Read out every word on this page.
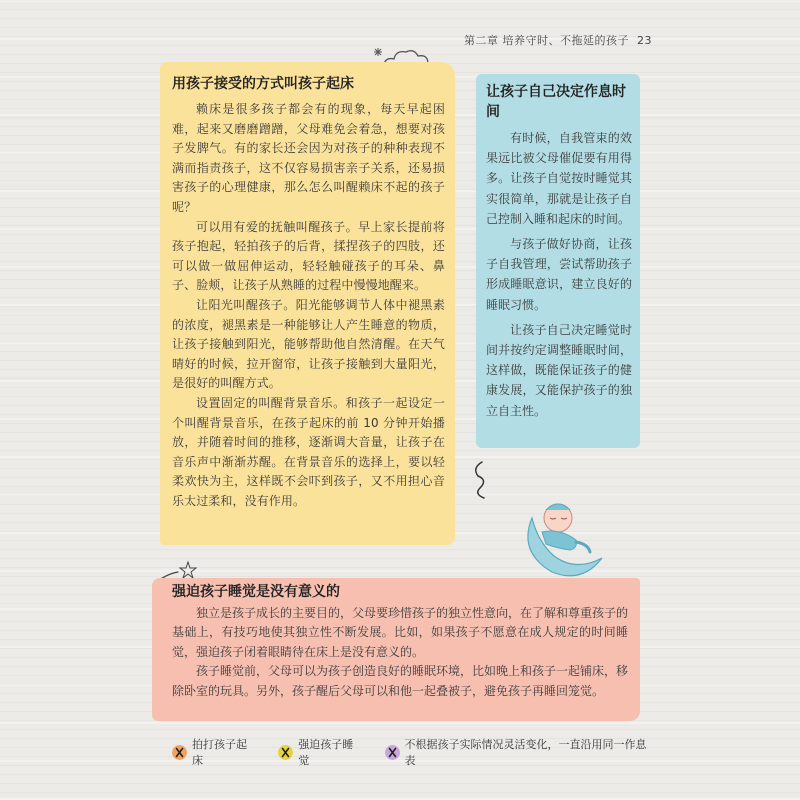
第二章 培养守时、不拖延的孩子 23
用孩子接受的方式叫孩子起床

赖床是很多孩子都会有的现象，每天早起困难，起来又磨磨蹭蹭，父母难免会着急，想要对孩子发脾气。有的家长还会因为对孩子的种种表现不满而指责孩子，这不仅容易损害亲子关系，还易损害孩子的心理健康，那么怎么叫醒赖床不起的孩子呢？

可以用有爱的抚触叫醒孩子。早上家长提前将孩子抱起，轻拍孩子的后背，揉捏孩子的四肢，还可以做一做屈伸运动，轻轻触碰孩子的耳朵、鼻子、脸颊，让孩子从熟睡的过程中慢慢地醒来。

让阳光叫醒孩子。阳光能够调节人体中褪黑素的浓度，褪黑素是一种能够让人产生睡意的物质，让孩子接触到阳光，能够帮助他自然清醒。在天气晴好的时候，拉开窗帘，让孩子接触到大量阳光，是很好的叫醒方式。

设置固定的叫醒背景音乐。和孩子一起设定一个叫醒背景音乐，在孩子起床的前 10 分钟开始播放，并随着时间的推移，逐渐调大音量，让孩子在音乐声中渐渐苏醒。在背景音乐的选择上，要以轻柔欢快为主，这样既不会吓到孩子，又不用担心音乐太过柔和，没有作用。

让孩子自己决定作息时间

有时候，自我管束的效果远比被父母催促要有用得多。让孩子自觉按时睡觉其实很简单，那就是让孩子自己控制入睡和起床的时间。

与孩子做好协商，让孩子自我管理，尝试帮助孩子形成睡眠意识，建立良好的睡眠习惯。

让孩子自己决定睡觉时间并按约定调整睡眠时间，这样做，既能保证孩子的健康发展，又能保护孩子的独立自主性。

强迫孩子睡觉是没有意义的

独立是孩子成长的主要目的，父母要珍惜孩子的独立性意向，在了解和尊重孩子的基础上，有技巧地使其独立性不断发展。比如，如果孩子不愿意在成人规定的时间睡觉，强迫孩子闭着眼睛待在床上是没有意义的。

孩子睡觉前，父母可以为孩子创造良好的睡眠环境，比如晚上和孩子一起铺床，移除卧室的玩具。另外，孩子醒后父母可以和他一起叠被子，避免孩子再睡回笼觉。

拍打孩子起床
强迫孩子睡觉
不根据孩子实际情况灵活变化，一直沿用同一作息表
